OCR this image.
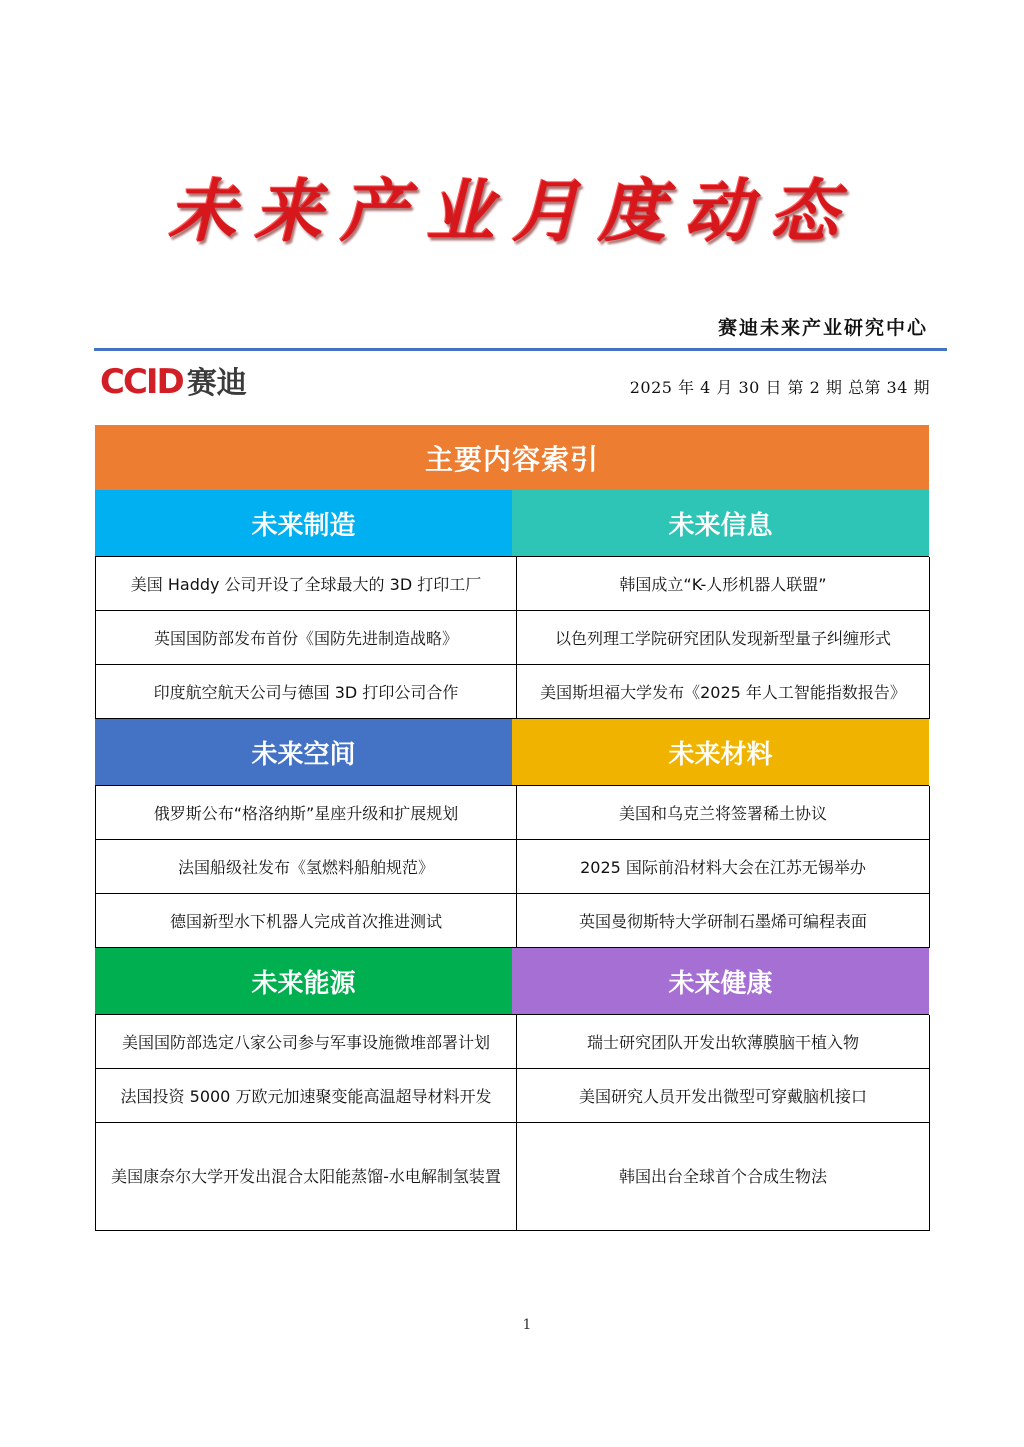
未来产业月度动态
赛迪未来产业研究中心
CCID 赛迪	2025 年 4 月 30 日 第 2 期 总第 34 期
主要内容索引
未来制造	未来信息
美国 Haddy 公司开设了全球最大的 3D 打印工厂	韩国成立“K-人形机器人联盟”
英国国防部发布首份《国防先进制造战略》	以色列理工学院研究团队发现新型量子纠缠形式
印度航空航天公司与德国 3D 打印公司合作	美国斯坦福大学发布《2025 年人工智能指数报告》
未来空间	未来材料
俄罗斯公布“格洛纳斯”星座升级和扩展规划	美国和乌克兰将签署稀土协议
法国船级社发布《氢燃料船舶规范》	2025 国际前沿材料大会在江苏无锡举办
德国新型水下机器人完成首次推进测试	英国曼彻斯特大学研制石墨烯可编程表面
未来能源	未来健康
美国国防部选定八家公司参与军事设施微堆部署计划	瑞士研究团队开发出软薄膜脑干植入物
法国投资 5000 万欧元加速聚变能高温超导材料开发	美国研究人员开发出微型可穿戴脑机接口
美国康奈尔大学开发出混合太阳能蒸馏-水电解制氢装置	韩国出台全球首个合成生物法
1
